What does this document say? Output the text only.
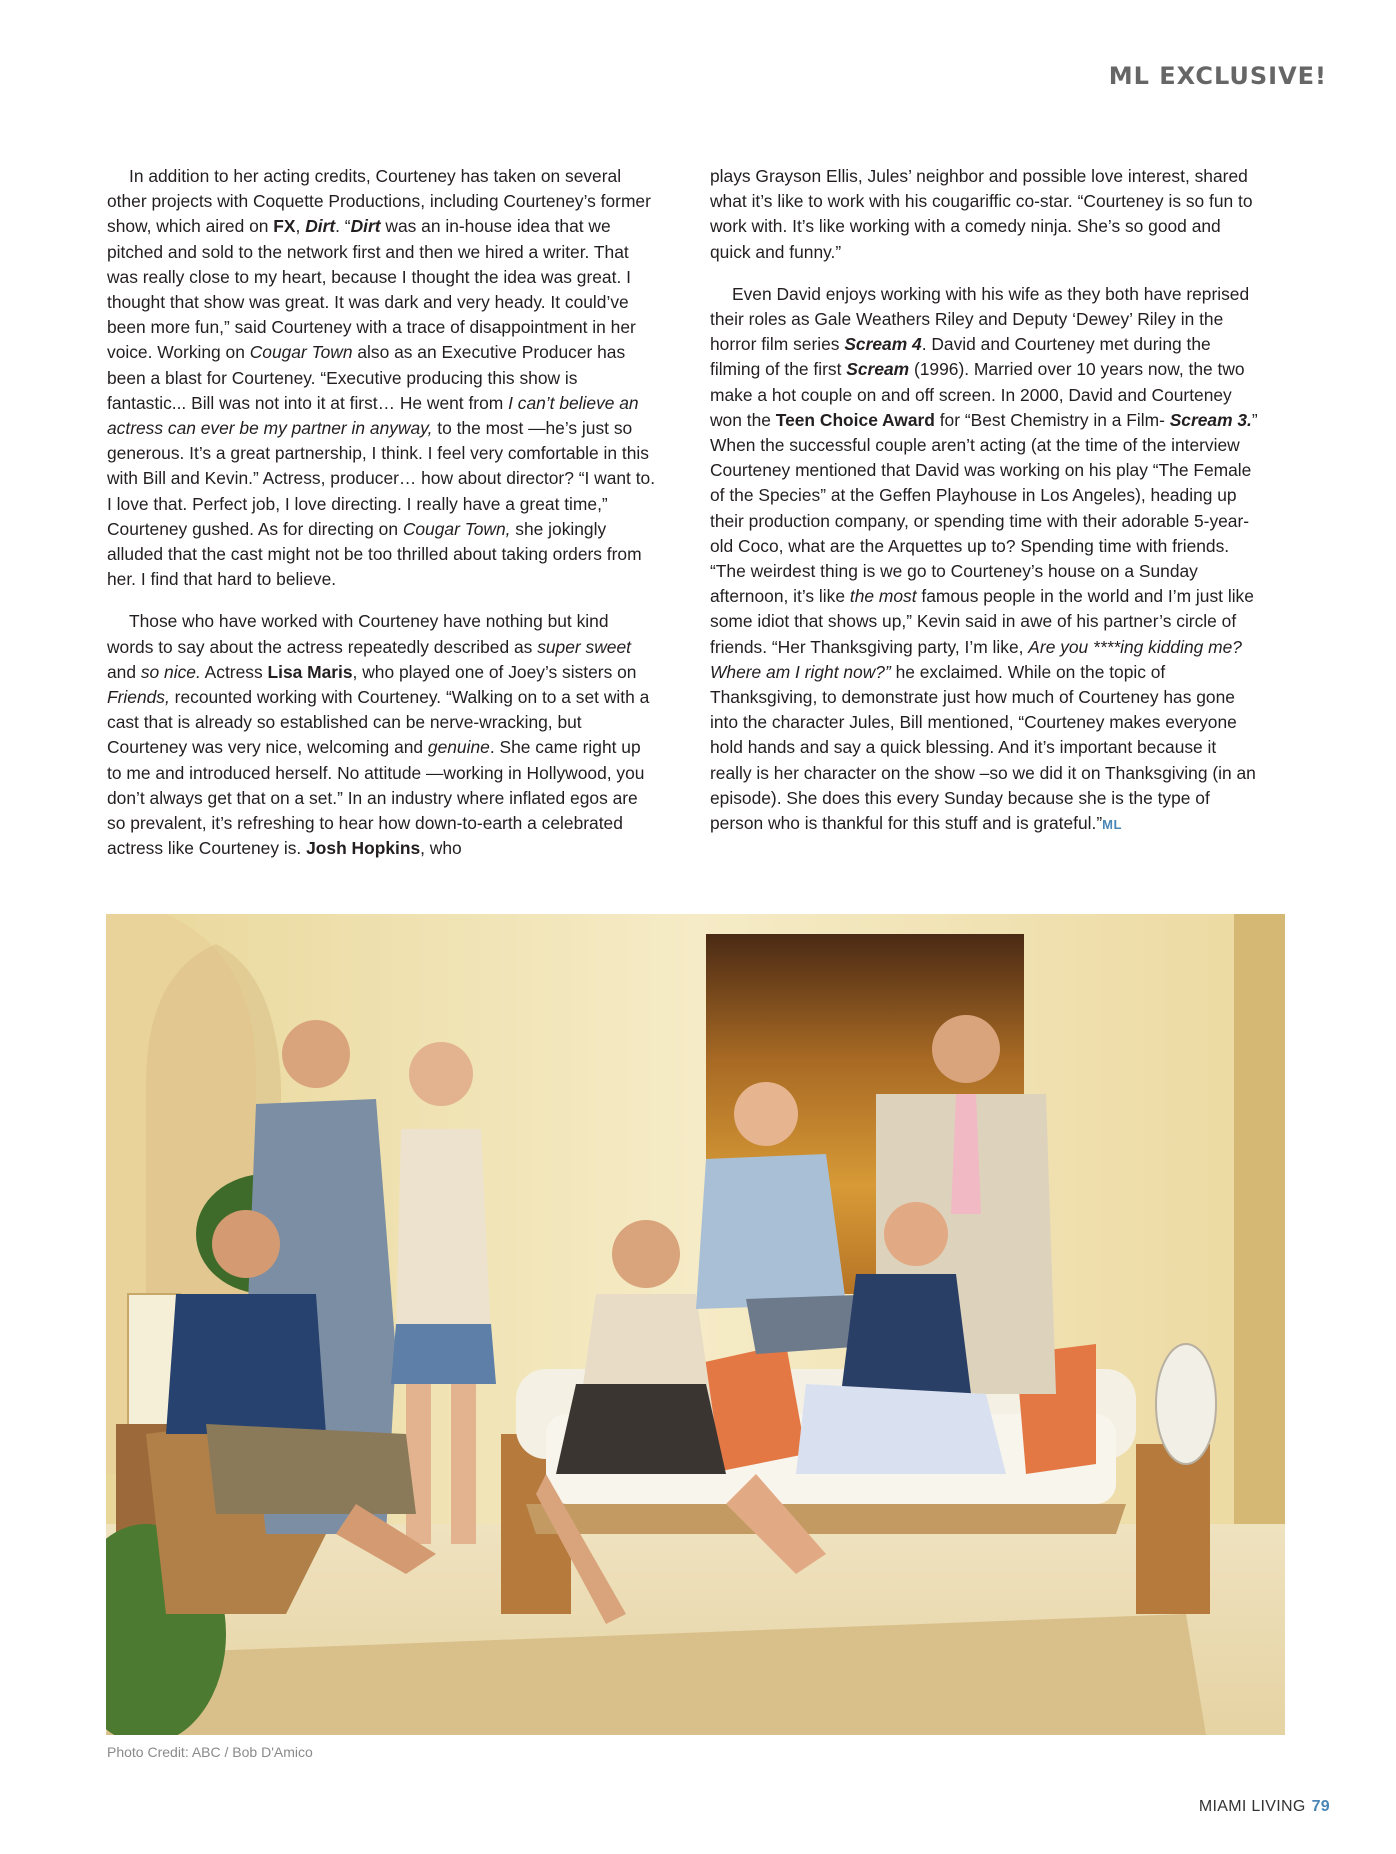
ML EXCLUSIVE!

In addition to her acting credits, Courteney has taken on several other projects with Coquette Productions, including Courteney’s former show, which aired on FX, Dirt. “Dirt was an in-house idea that we pitched and sold to the network first and then we hired a writer. That was really close to my heart, because I thought the idea was great. I thought that show was great. It was dark and very heady. It could’ve been more fun,” said Courteney with a trace of disappointment in her voice. Working on Cougar Town also as an Executive Producer has been a blast for Courteney. “Executive producing this show is fantastic... Bill was not into it at first… He went from I can’t believe an actress can ever be my partner in anyway, to the most —he’s just so generous. It’s a great partnership, I think. I feel very comfortable in this with Bill and Kevin.” Actress, producer… how about director? “I want to. I love that. Perfect job, I love directing. I really have a great time,” Courteney gushed. As for directing on Cougar Town, she jokingly alluded that the cast might not be too thrilled about taking orders from her. I find that hard to believe.

Those who have worked with Courteney have nothing but kind words to say about the actress repeatedly described as super sweet and so nice. Actress Lisa Maris, who played one of Joey’s sisters on Friends, recounted working with Courteney. “Walking on to a set with a cast that is already so established can be nerve-wracking, but Courteney was very nice, welcoming and genuine. She came right up to me and introduced herself. No attitude —working in Hollywood, you don’t always get that on a set.” In an industry where inflated egos are so prevalent, it’s refreshing to hear how down-to-earth a celebrated actress like Courteney is. Josh Hopkins, who

plays Grayson Ellis, Jules’ neighbor and possible love interest, shared what it’s like to work with his cougariffic co-star. “Courteney is so fun to work with. It’s like working with a comedy ninja. She’s so good and quick and funny.”

Even David enjoys working with his wife as they both have reprised their roles as Gale Weathers Riley and Deputy ‘Dewey’ Riley in the horror film series Scream 4. David and Courteney met during the filming of the first Scream (1996). Married over 10 years now, the two make a hot couple on and off screen. In 2000, David and Courteney won the Teen Choice Award for “Best Chemistry in a Film- Scream 3.” When the successful couple aren’t acting (at the time of the interview Courteney mentioned that David was working on his play “The Female of the Species” at the Geffen Playhouse in Los Angeles), heading up their production company, or spending time with their adorable 5-year-old Coco, what are the Arquettes up to? Spending time with friends. “The weirdest thing is we go to Courteney’s house on a Sunday afternoon, it’s like the most famous people in the world and I’m just like some idiot that shows up,” Kevin said in awe of his partner’s circle of friends. “Her Thanksgiving party, I’m like, Are you ****ing kidding me? Where am I right now?” he exclaimed. While on the topic of Thanksgiving, to demonstrate just how much of Courteney has gone into the character Jules, Bill mentioned, “Courteney makes everyone hold hands and say a quick blessing. And it’s important because it really is her character on the show –so we did it on Thanksgiving (in an episode). She does this every Sunday because she is the type of person who is thankful for this stuff and is grateful.”ML

Photo Credit: ABC / Bob D'Amico
MIAMI LIVING 79
